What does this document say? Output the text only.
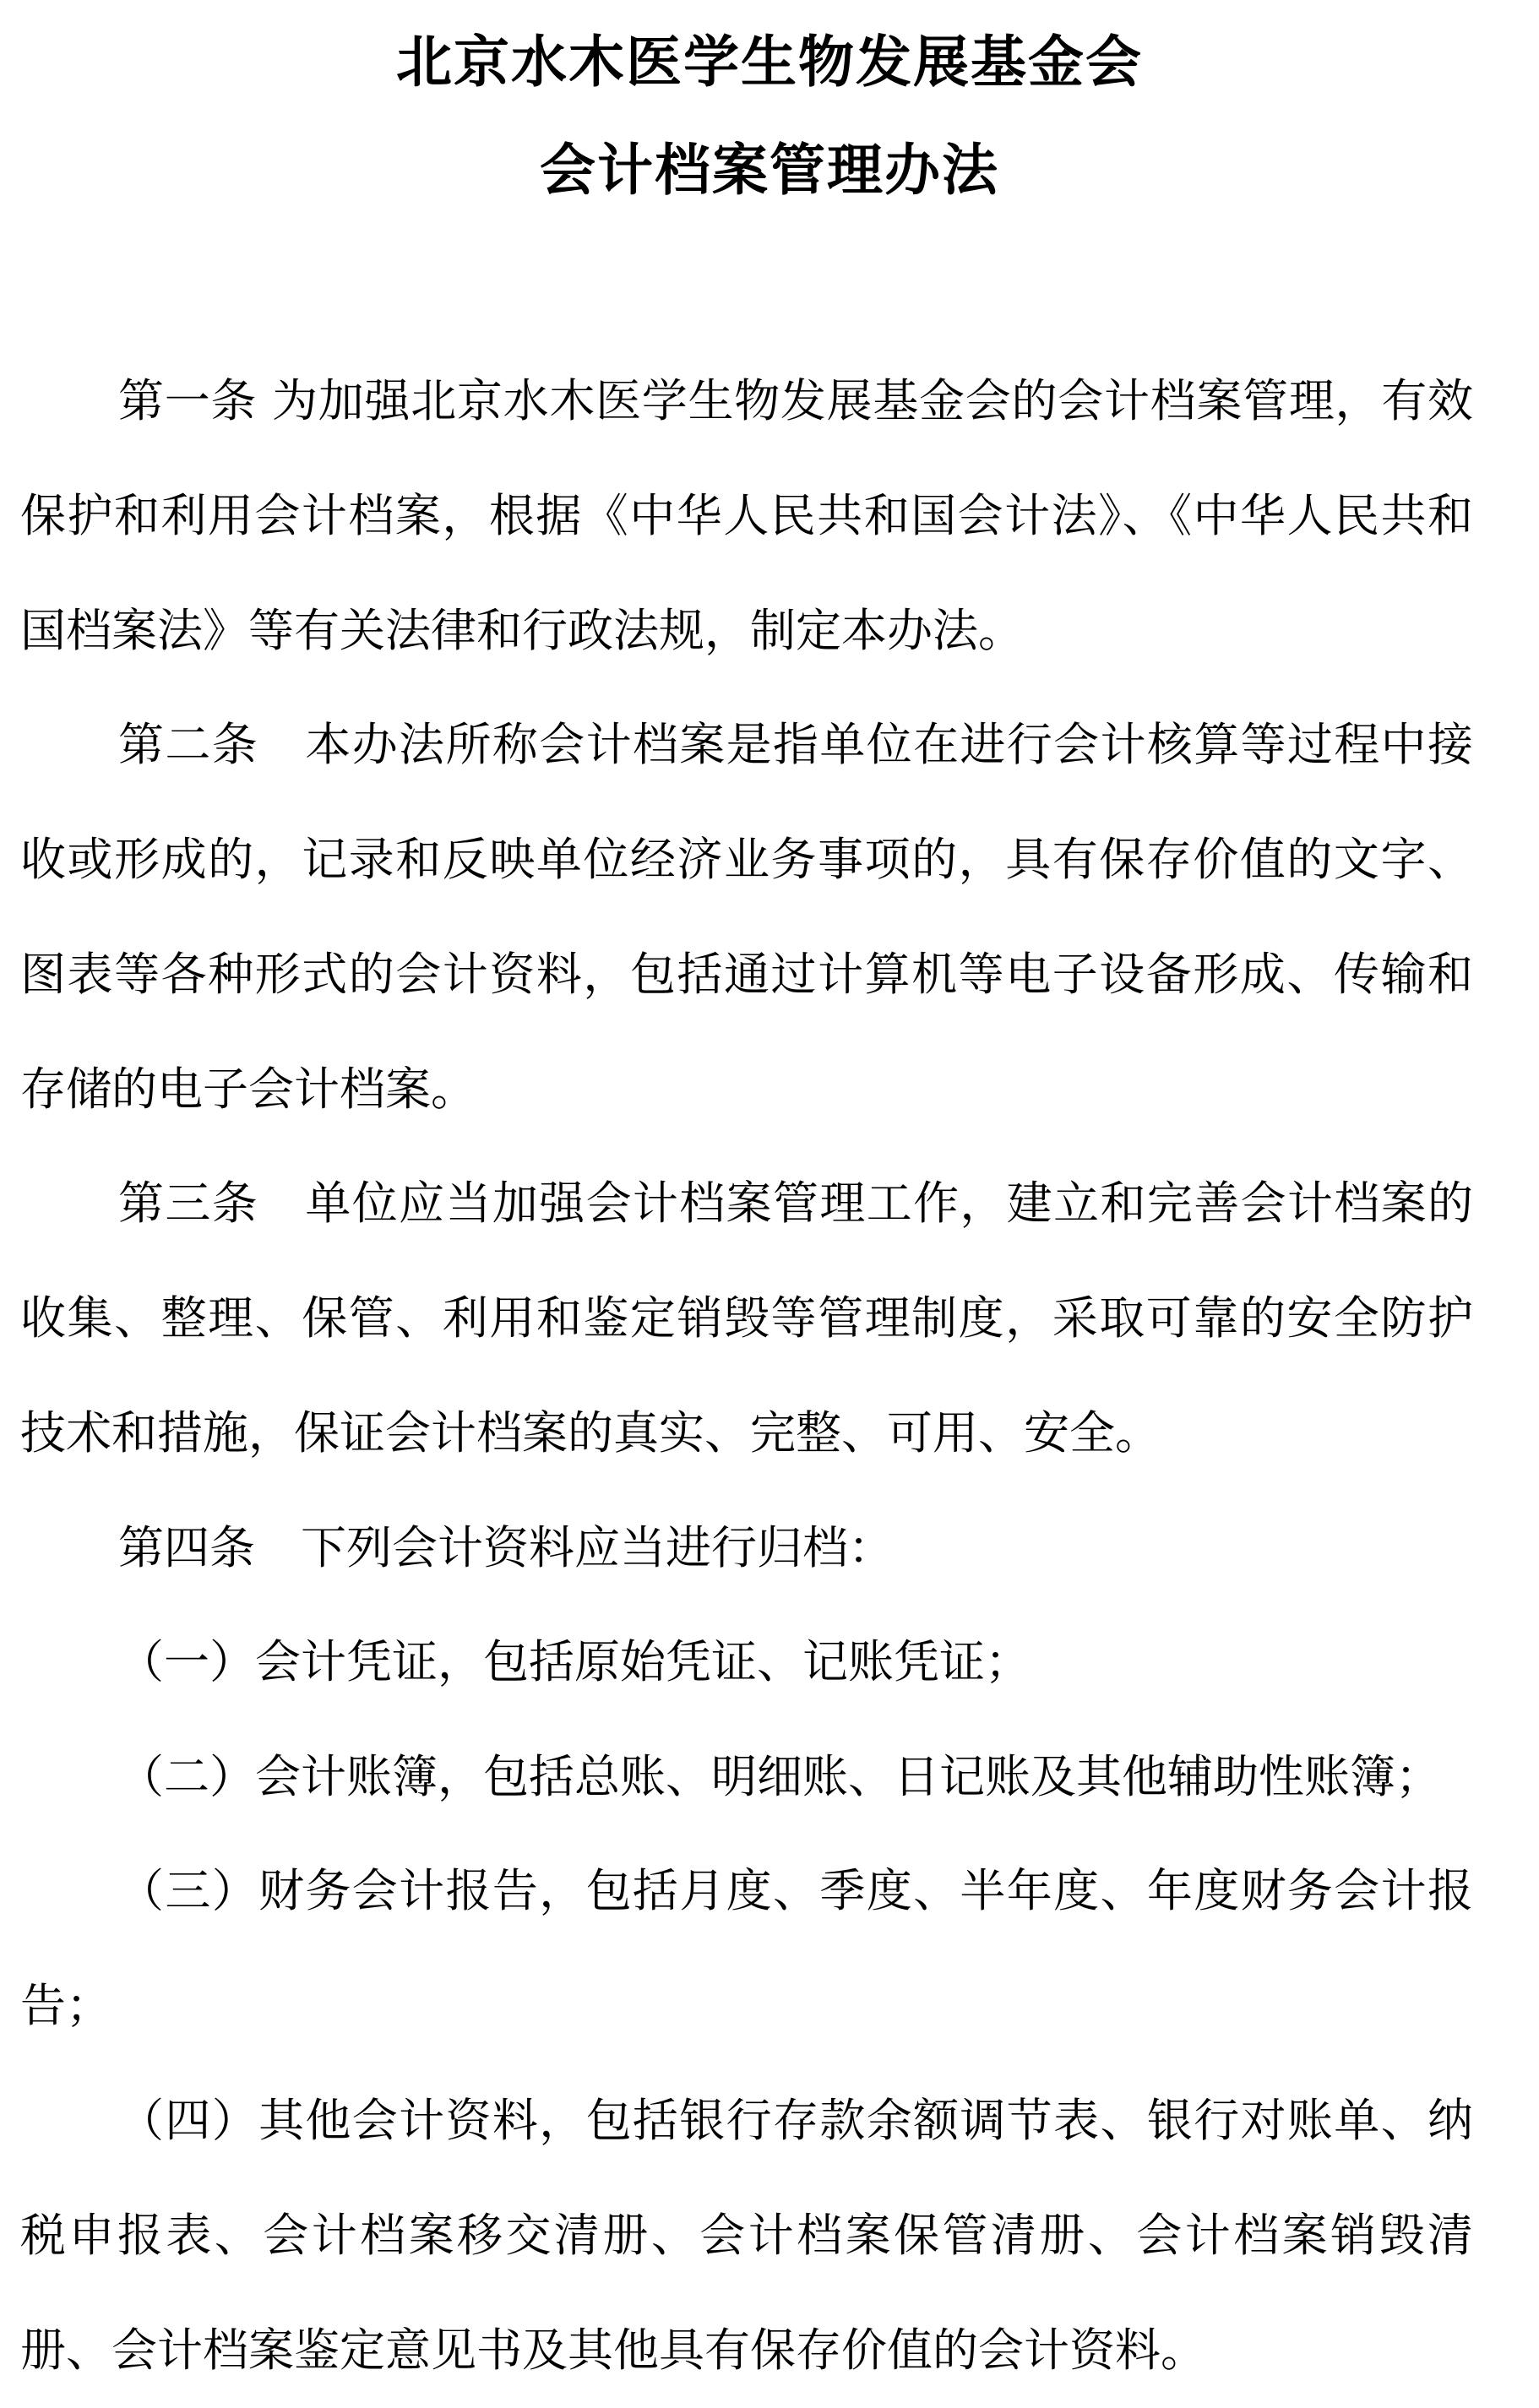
北京水木医学生物发展基金会
会计档案管理办法

第一条 为加强北京水木医学生物发展基金会的会计档案管理，有效保护和利用会计档案，根据《中华人民共和国会计法》、《中华人民共和国档案法》等有关法律和行政法规，制定本办法。

第二条　本办法所称会计档案是指单位在进行会计核算等过程中接收或形成的，记录和反映单位经济业务事项的，具有保存价值的文字、图表等各种形式的会计资料，包括通过计算机等电子设备形成、传输和存储的电子会计档案。

第三条　单位应当加强会计档案管理工作，建立和完善会计档案的收集、整理、保管、利用和鉴定销毁等管理制度，采取可靠的安全防护技术和措施，保证会计档案的真实、完整、可用、安全。

第四条　下列会计资料应当进行归档：

（一）会计凭证，包括原始凭证、记账凭证；

（二）会计账簿，包括总账、明细账、日记账及其他辅助性账簿；

（三）财务会计报告，包括月度、季度、半年度、年度财务会计报告；

（四）其他会计资料，包括银行存款余额调节表、银行对账单、纳税申报表、会计档案移交清册、会计档案保管清册、会计档案销毁清册、会计档案鉴定意见书及其他具有保存价值的会计资料。
